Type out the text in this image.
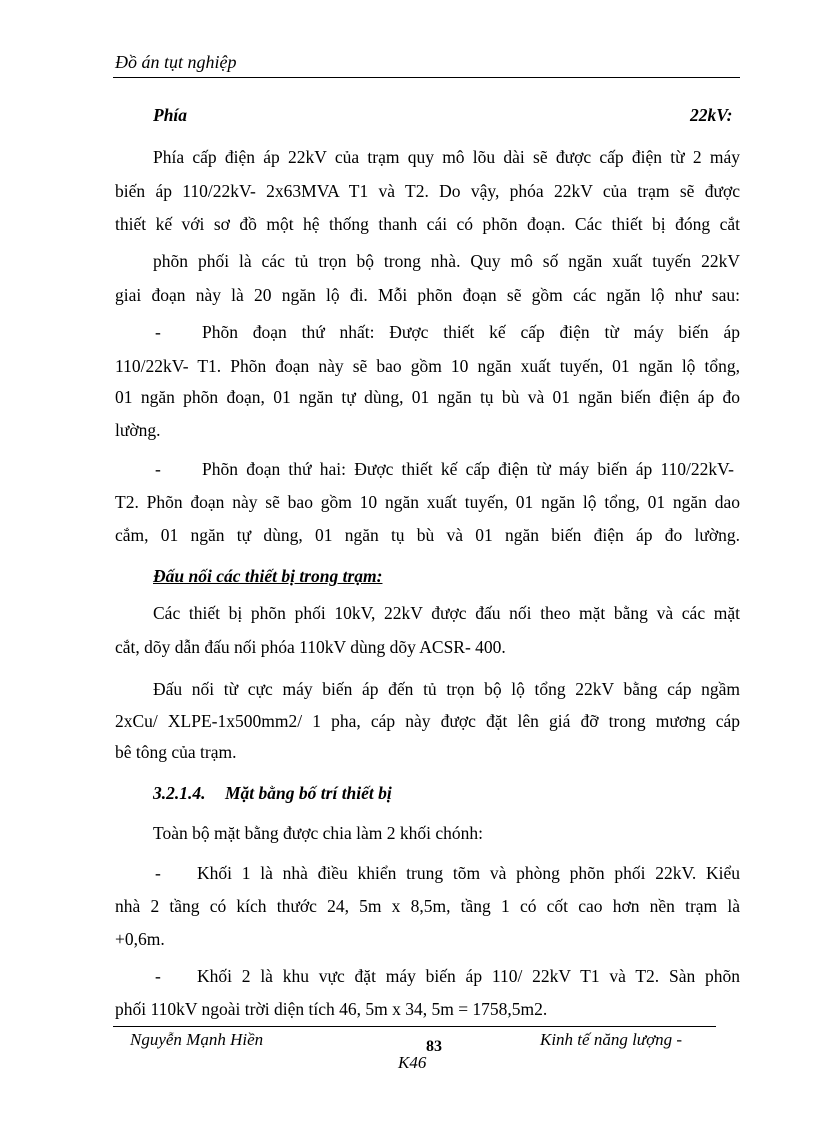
Đồ án tụt nghiệp
Phía	22kV:
Phía cấp điện áp 22kV của trạm quy mô lõu dài sẽ được cấp điện từ 2 máy
biến áp 110/22kV- 2x63MVA T1 và T2. Do vậy, phóa 22kV của trạm sẽ được
thiết kế với sơ đồ một hệ thống thanh cái có phõn đoạn. Các thiết bị đóng cắt
phõn phối là các tủ trọn bộ trong nhà. Quy mô số ngăn xuất tuyến 22kV
giai đoạn này là 20 ngăn lộ đi. Mỗi phõn đoạn sẽ gồm các ngăn lộ như sau:
- Phõn đoạn thứ nhất: Được thiết kế cấp điện từ máy biến áp
110/22kV- T1. Phõn đoạn này sẽ bao gồm 10 ngăn xuất tuyến, 01 ngăn lộ tổng,
01 ngăn phõn đoạn, 01 ngăn tự dùng, 01 ngăn tụ bù và 01 ngăn biến điện áp đo
lường.
- Phõn đoạn thứ hai: Được thiết kế cấp điện từ máy biến áp 110/22kV-
T2. Phõn đoạn này sẽ bao gồm 10 ngăn xuất tuyến, 01 ngăn lộ tổng, 01 ngăn dao
cắm, 01 ngăn tự dùng, 01 ngăn tụ bù và 01 ngăn biến điện áp đo lường.
Đấu nối các thiết bị trong trạm:
Các thiết bị phõn phối 10kV, 22kV được đấu nối theo mặt bằng và các mặt
cắt, dõy dẫn đấu nối phóa 110kV dùng dõy ACSR- 400.
Đấu nối từ cực máy biến áp đến tủ trọn bộ lộ tổng 22kV bằng cáp ngầm
2xCu/ XLPE-1x500mm2/ 1 pha, cáp này được đặt lên giá đỡ trong mương cáp
bê tông của trạm.
3.2.1.4. Mặt bằng bố trí thiết bị
Toàn bộ mặt bằng được chia làm 2 khối chónh:
- Khối 1 là nhà điều khiển trung tõm và phòng phõn phối 22kV. Kiểu
nhà 2 tầng có kích thước 24, 5m x 8,5m, tầng 1 có cốt cao hơn nền trạm là
+0,6m.
- Khối 2 là khu vực đặt máy biến áp 110/ 22kV T1 và T2. Sàn phõn
phối 110kV ngoài trời diện tích 46, 5m x 34, 5m = 1758,5m2.
Nguyễn Mạnh Hiền	83	Kinh tế năng lượng -
K46
